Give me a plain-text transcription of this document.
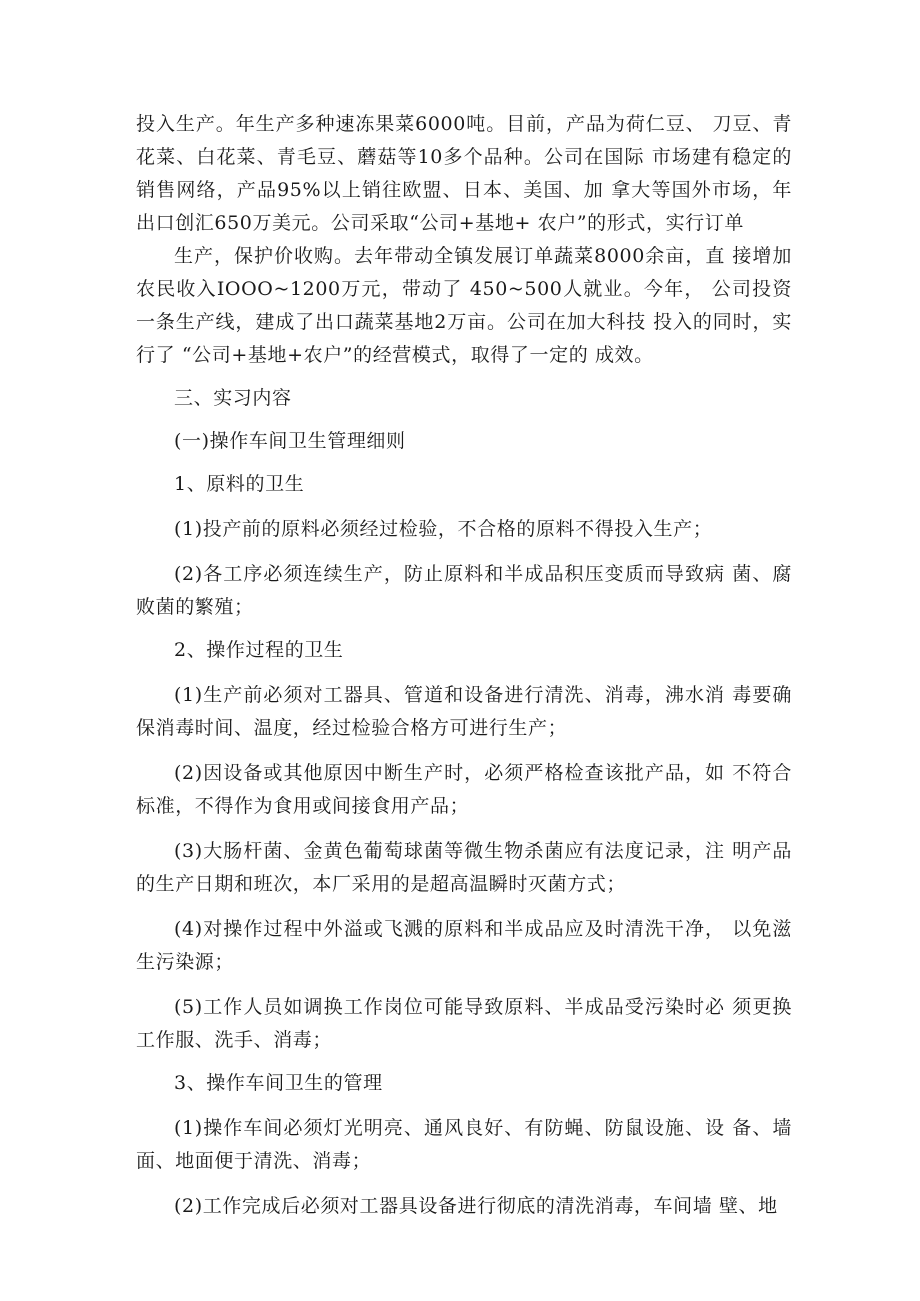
投入生产。年生产多种速冻果菜6000吨。目前，产品为荷仁豆、 刀豆、青花菜、白花菜、青毛豆、蘑菇等10多个品种。公司在国际 市场建有稳定的销售网络，产品95%以上销往欧盟、日本、美国、加 拿大等国外市场，年出口创汇650万美元。公司采取“公司+基地+ 农户”的形式，实行订单

生产，保护价收购。去年带动全镇发展订单蔬菜8000余亩，直 接增加农民收入IOOO~1200万元，带动了 450~500人就业。今年， 公司投资一条生产线，建成了出口蔬菜基地2万亩。公司在加大科技 投入的同时，实行了 “公司+基地+农户”的经营模式，取得了一定的 成效。

三、实习内容

(一)操作车间卫生管理细则

1、原料的卫生

(1)投产前的原料必须经过检验，不合格的原料不得投入生产；

(2)各工序必须连续生产，防止原料和半成品积压变质而导致病 菌、腐败菌的繁殖；

2、操作过程的卫生

(1)生产前必须对工器具、管道和设备进行清洗、消毒，沸水消 毒要确保消毒时间、温度，经过检验合格方可进行生产；

(2)因设备或其他原因中断生产时，必须严格检查该批产品，如 不符合标准，不得作为食用或间接食用产品；

(3)大肠杆菌、金黄色葡萄球菌等微生物杀菌应有法度记录，注 明产品的生产日期和班次，本厂采用的是超高温瞬时灭菌方式；

(4)对操作过程中外溢或飞溅的原料和半成品应及时清洗干净， 以免滋生污染源；

(5)工作人员如调换工作岗位可能导致原料、半成品受污染时必 须更换工作服、洗手、消毒；

3、操作车间卫生的管理

(1)操作车间必须灯光明亮、通风良好、有防蝇、防鼠设施、设 备、墙面、地面便于清洗、消毒；

(2)工作完成后必须对工器具设备进行彻底的清洗消毒，车间墙 壁、地
